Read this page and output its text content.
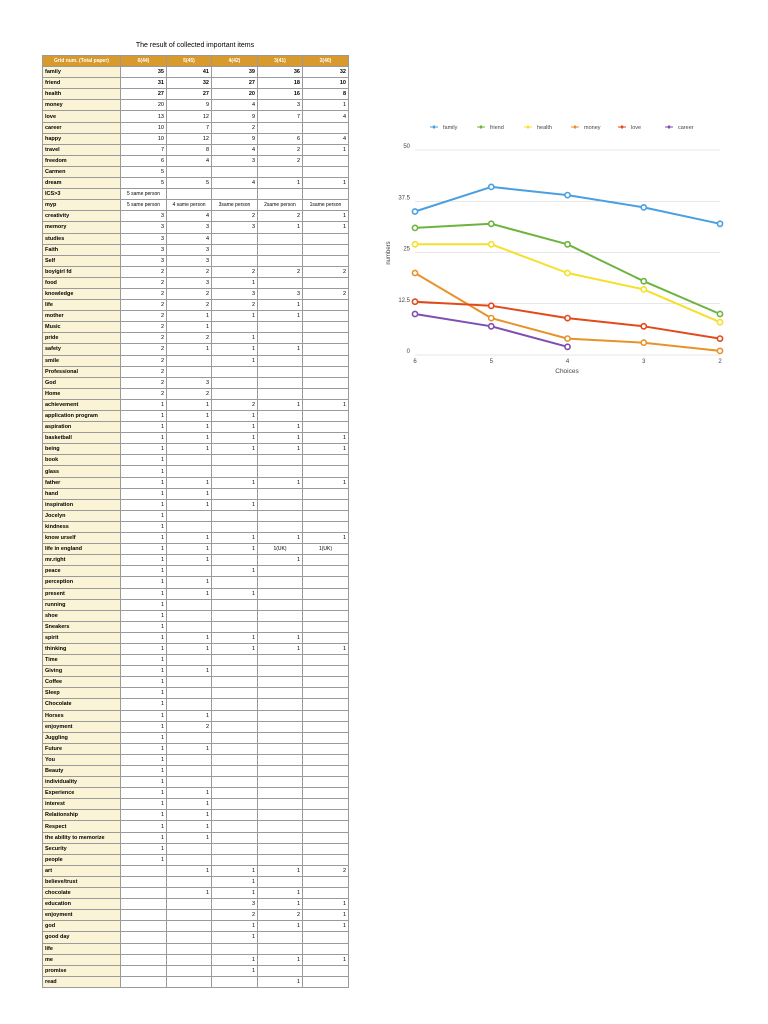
The result of collected important items
Grid num. (Total paper)	6(44)	5(45)	4(42)	3(41)	2(40)
family	35	41	39	36	32
friend	31	32	27	18	10
health	27	27	20	16	8
money	20	9	4	3	1
love	13	12	9	7	4
career	10	7	2		
happy	10	12	9	6	4
travel	7	8	4	2	1
freedom	6	4	3	2	
Carmen	5				
dream	5	5	4	1	1
ICS>3	5 same person				
myp	5 same person	4 same person	3same person	2same person	1same person
creativity	3	4	2	2	1
memory	3	3	3	1	1
studies	3	4			
Faith	3	3			
Self	3	3			
boy/girl fd	2	2	2	2	2
food	2	3	1		
knowledge	2	2	3	3	2
life	2	2	2	1	
mother	2	1	1	1	
Music	2	1			
pride	2	2	1		
safety	2	1	1	1	
smile	2		1		
Professional	2				
God	2	3			
Home	2	2			
achievement	1	1	2	1	1
application program	1	1	1		
aspiration	1	1	1	1	
basketball	1	1	1	1	1
being	1	1	1	1	1
book	1				
glass	1				
father	1	1	1	1	1
hand	1	1			
inspiration	1	1	1		
Jocelyn	1				
kindness	1				
know urself	1	1	1	1	1
life in england	1	1	1	1(UK)	1(UK)
mr.right	1	1		1	
peace	1		1		
perception	1	1			
present	1	1	1		
running	1				
shoe	1				
Sneakers	1				
spirit	1	1	1	1	
thinking	1	1	1	1	1
Time	1				
Giving	1	1			
Coffee	1				
Sleep	1				
Chocolate	1				
Horses	1	1			
enjoyment	1	2			
Juggling	1				
Future	1	1			
You	1				
Beauty	1				
individuality	1				
Experience	1	1			
interest	1	1			
Relationship	1	1			
Respect	1	1			
the ability to memorize	1	1			
Security	1				
people	1				
art		1	1	1	2
believe/trust			1		
chocolate		1	1	1	
education			3	1	1
enjoyment			2	2	1
god			1	1	1
good day			1		
life					
me			1	1	1
promise			1		
read				1	
family	friend	health	money	love	career
0
12.5
25
37.5
50
6	5	4	3	2
numbers
Choices
